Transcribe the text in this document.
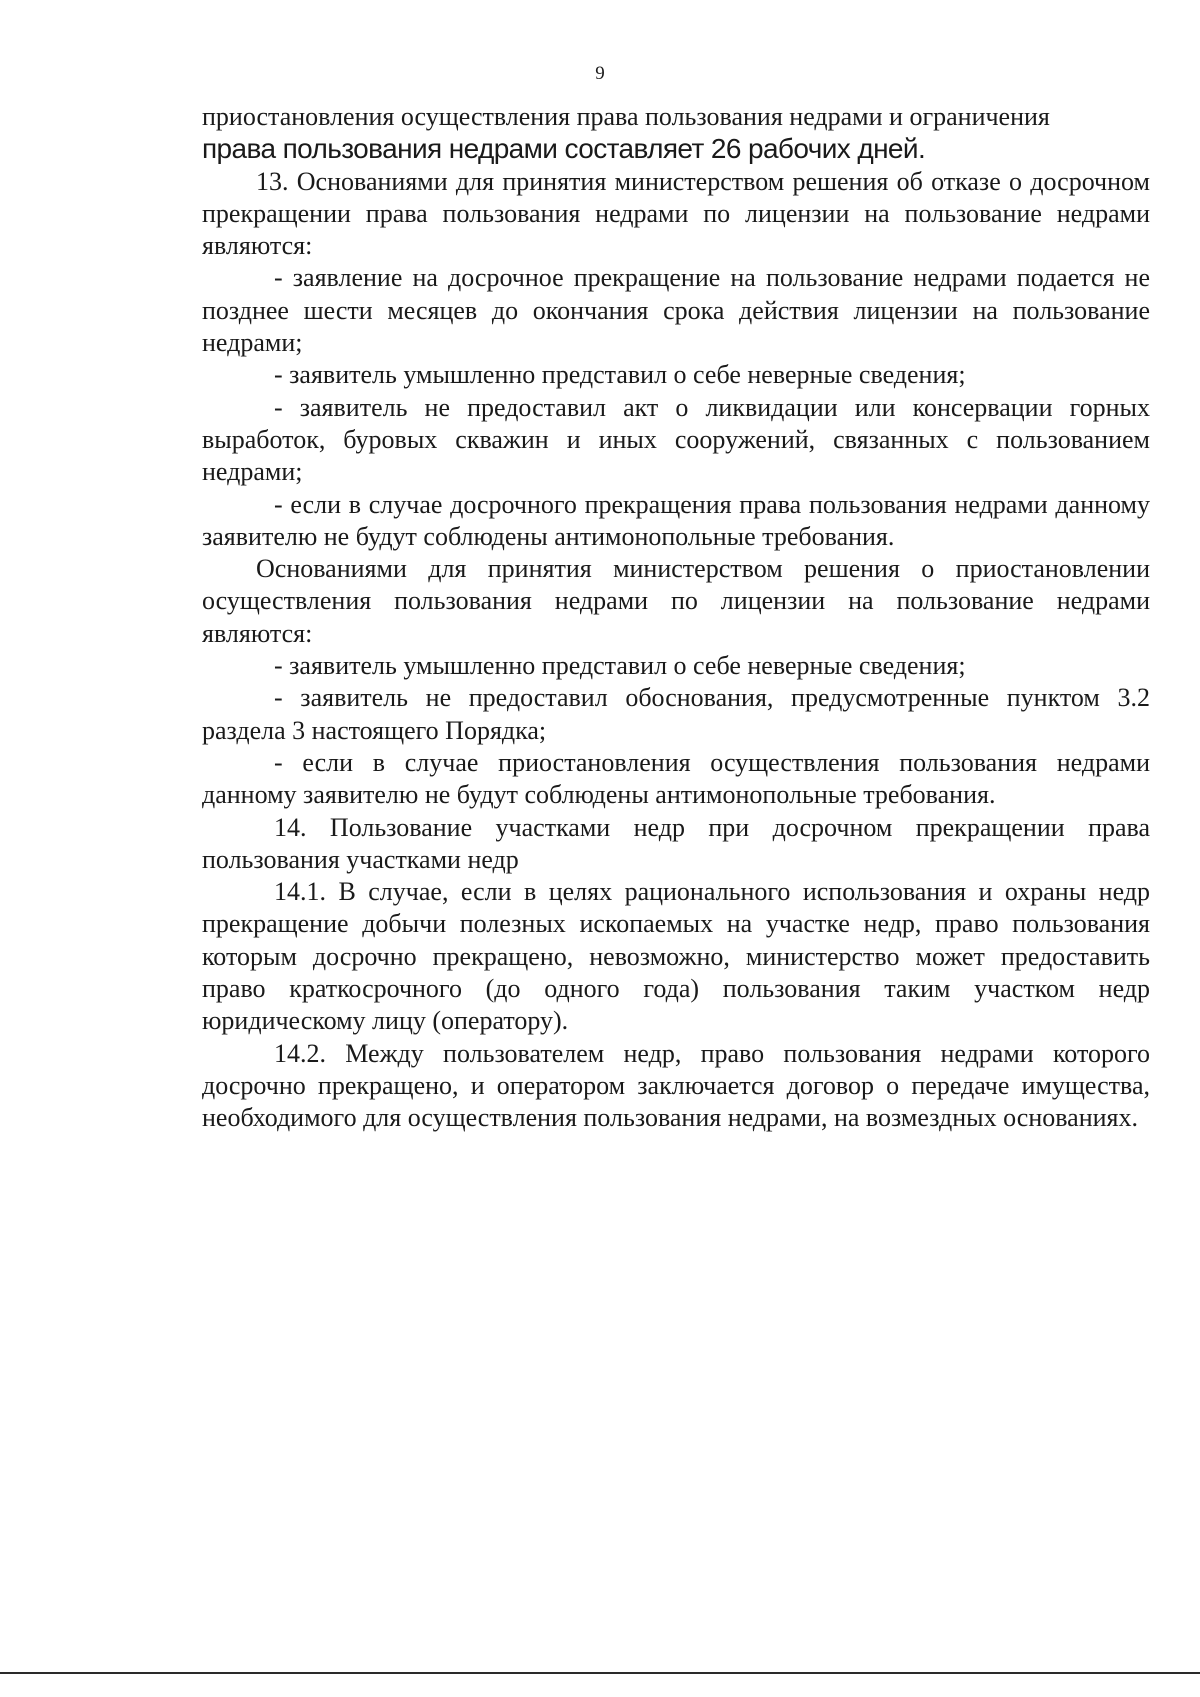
9

приостановления осуществления права пользования недрами и ограничения

права пользования недрами составляет 26 рабочих дней.

13. Основаниями для принятия министерством решения об отказе о досрочном прекращении права пользования недрами по лицензии на пользование недрами являются:

- заявление на досрочное прекращение на пользование недрами подается не позднее шести месяцев до окончания срока действия лицензии на пользование недрами;

- заявитель умышленно представил о себе неверные сведения;

- заявитель не предоставил акт о ликвидации или консервации горных выработок, буровых скважин и иных сооружений, связанных с пользованием недрами;

- если в случае досрочного прекращения права пользования недрами данному заявителю не будут соблюдены антимонопольные требования.

Основаниями для принятия министерством решения о приостановлении осуществления пользования недрами по лицензии на пользование недрами являются:

- заявитель умышленно представил о себе неверные сведения;

- заявитель не предоставил обоснования, предусмотренные пунктом 3.2 раздела 3 настоящего Порядка;

- если в случае приостановления осуществления пользования недрами данному заявителю не будут соблюдены антимонопольные требования.

14. Пользование участками недр при досрочном прекращении права пользования участками недр

14.1. В случае, если в целях рационального использования и охраны недр прекращение добычи полезных ископаемых на участке недр, право пользования которым досрочно прекращено, невозможно, министерство может предоставить право краткосрочного (до одного года) пользования таким участком недр юридическому лицу (оператору).

14.2. Между пользователем недр, право пользования недрами которого досрочно прекращено, и оператором заключается договор о передаче имущества, необходимого для осуществления пользования недрами, на возмездных основаниях.
